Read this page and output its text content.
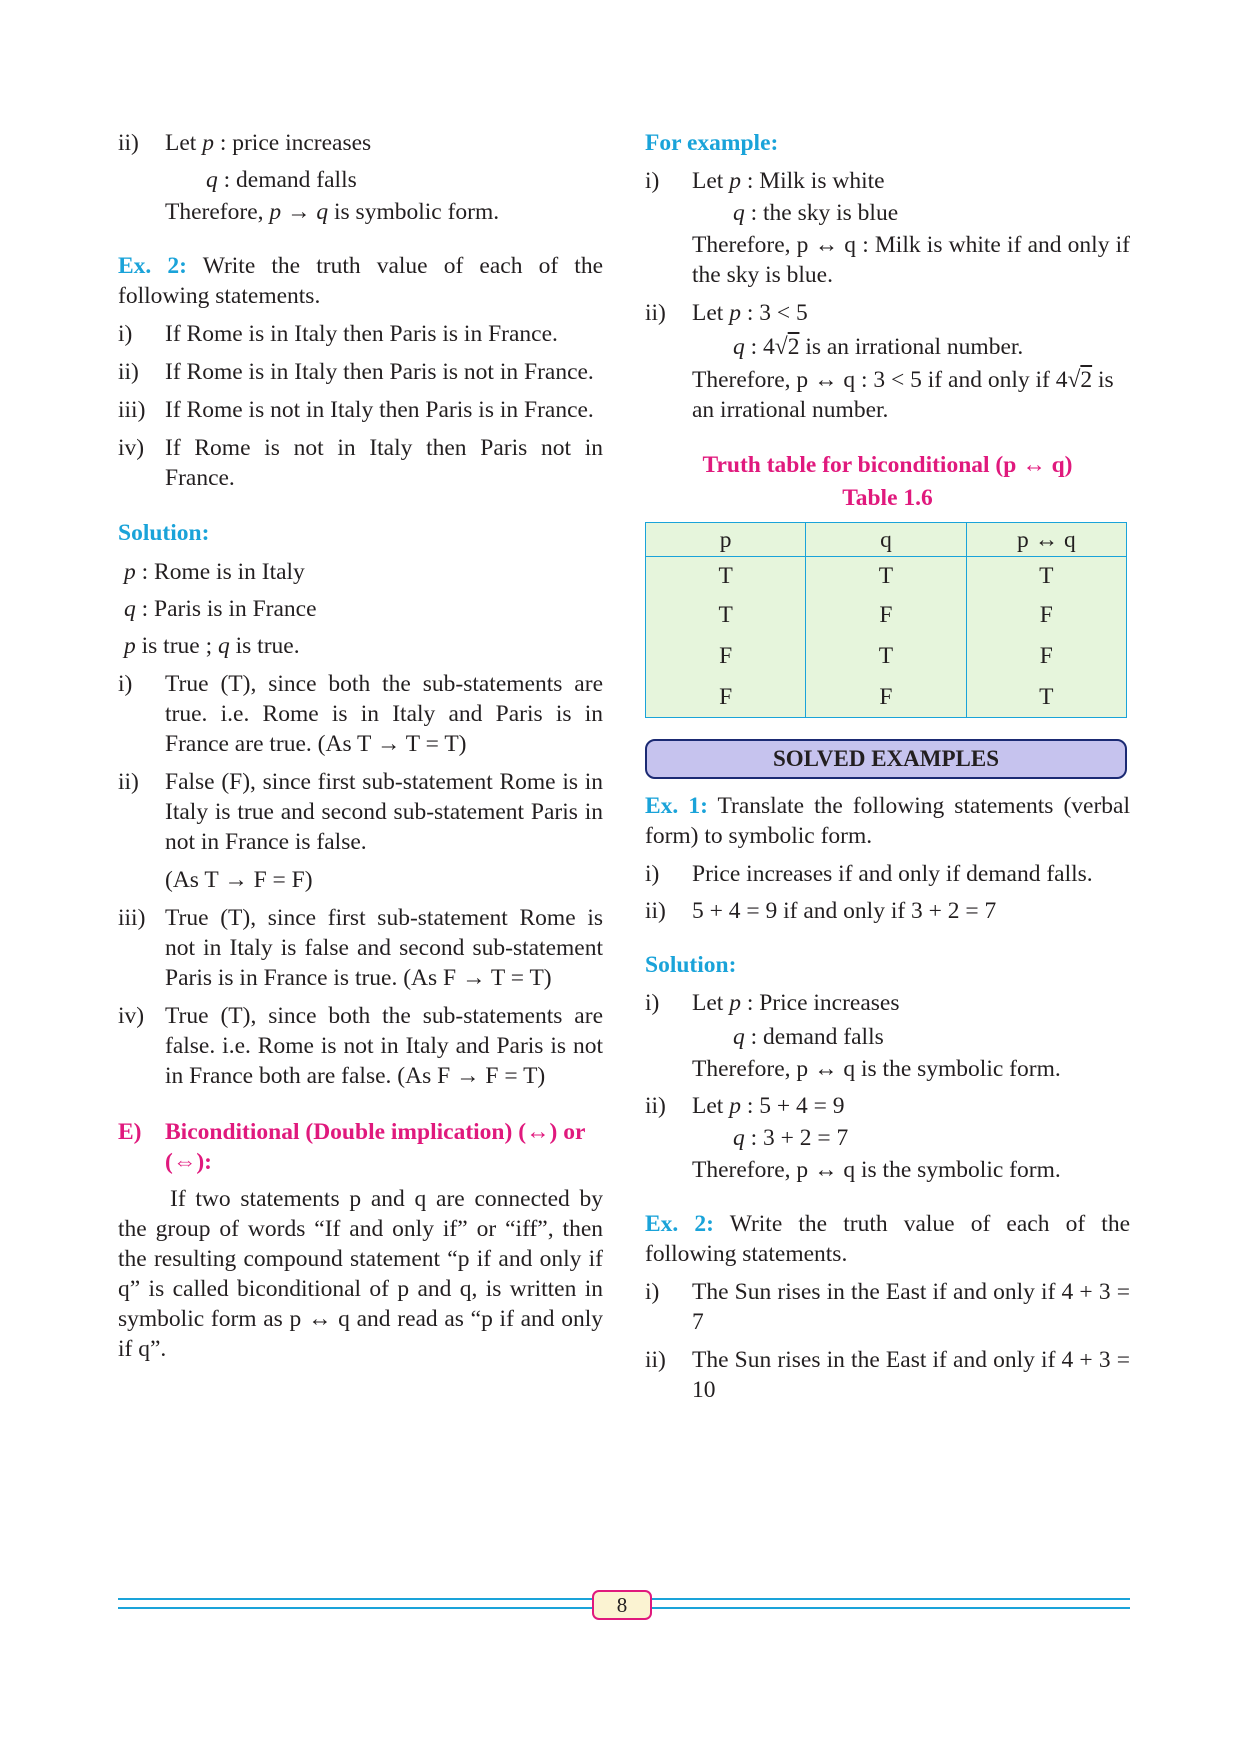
ii) Let p : price increases

q : demand falls

Therefore, p → q is symbolic form.

Ex. 2: Write the truth value of each of the following statements.

i) If Rome is in Italy then Paris is in France.
ii) If Rome is in Italy then Paris is not in France.
iii) If Rome is not in Italy then Paris is in France.
iv) If Rome is not in Italy then Paris not in France.

Solution:

p : Rome is in Italy

q : Paris is in France

p is true ; q is true.

i) True (T), since both the sub-statements are true. i.e. Rome is in Italy and Paris is in France are true. (As T → T = T)
ii) False (F), since first sub-statement Rome is in Italy is true and second sub-statement Paris in not in France is false.
(As T → F = F)
iii) True (T), since first sub-statement Rome is not in Italy is false and second sub-statement Paris is in France is true. (As F → T = T)
iv) True (T), since both the sub-statements are false. i.e. Rome is not in Italy and Paris is not in France both are false. (As F → F = T)
E) Biconditional (Double implication) (↔) or (⇔):

If two statements p and q are connected by the group of words “If and only if” or “iff”, then the resulting compound statement “p if and only if q” is called biconditional of p and q, is written in symbolic form as p ↔ q and read as “p if and only if q”.

For example:

i) Let p : Milk is white

q : the sky is blue

Therefore, p ↔ q : Milk is white if and only if the sky is blue.

ii) Let p : 3 < 5

q : 4√2 is an irrational number.

Therefore, p ↔ q : 3 < 5 if and only if 4√2 is an irrational number.

Truth table for biconditional (p ↔ q)

Table 1.6

p	q	p ↔ q
T	T	T
T	F	F
F	T	F
F	F	T
SOLVED EXAMPLES

Ex. 1: Translate the following statements (verbal form) to symbolic form.

i) Price increases if and only if demand falls.
ii) 5 + 4 = 9 if and only if 3 + 2 = 7

Solution:

i) Let p : Price increases

q : demand falls

Therefore, p ↔ q is the symbolic form.

ii) Let p : 5 + 4 = 9

q : 3 + 2 = 7

Therefore, p ↔ q is the symbolic form.

Ex. 2: Write the truth value of each of the following statements.

i) The Sun rises in the East if and only if 4 + 3 = 7
ii) The Sun rises in the East if and only if 4 + 3 = 10
8
